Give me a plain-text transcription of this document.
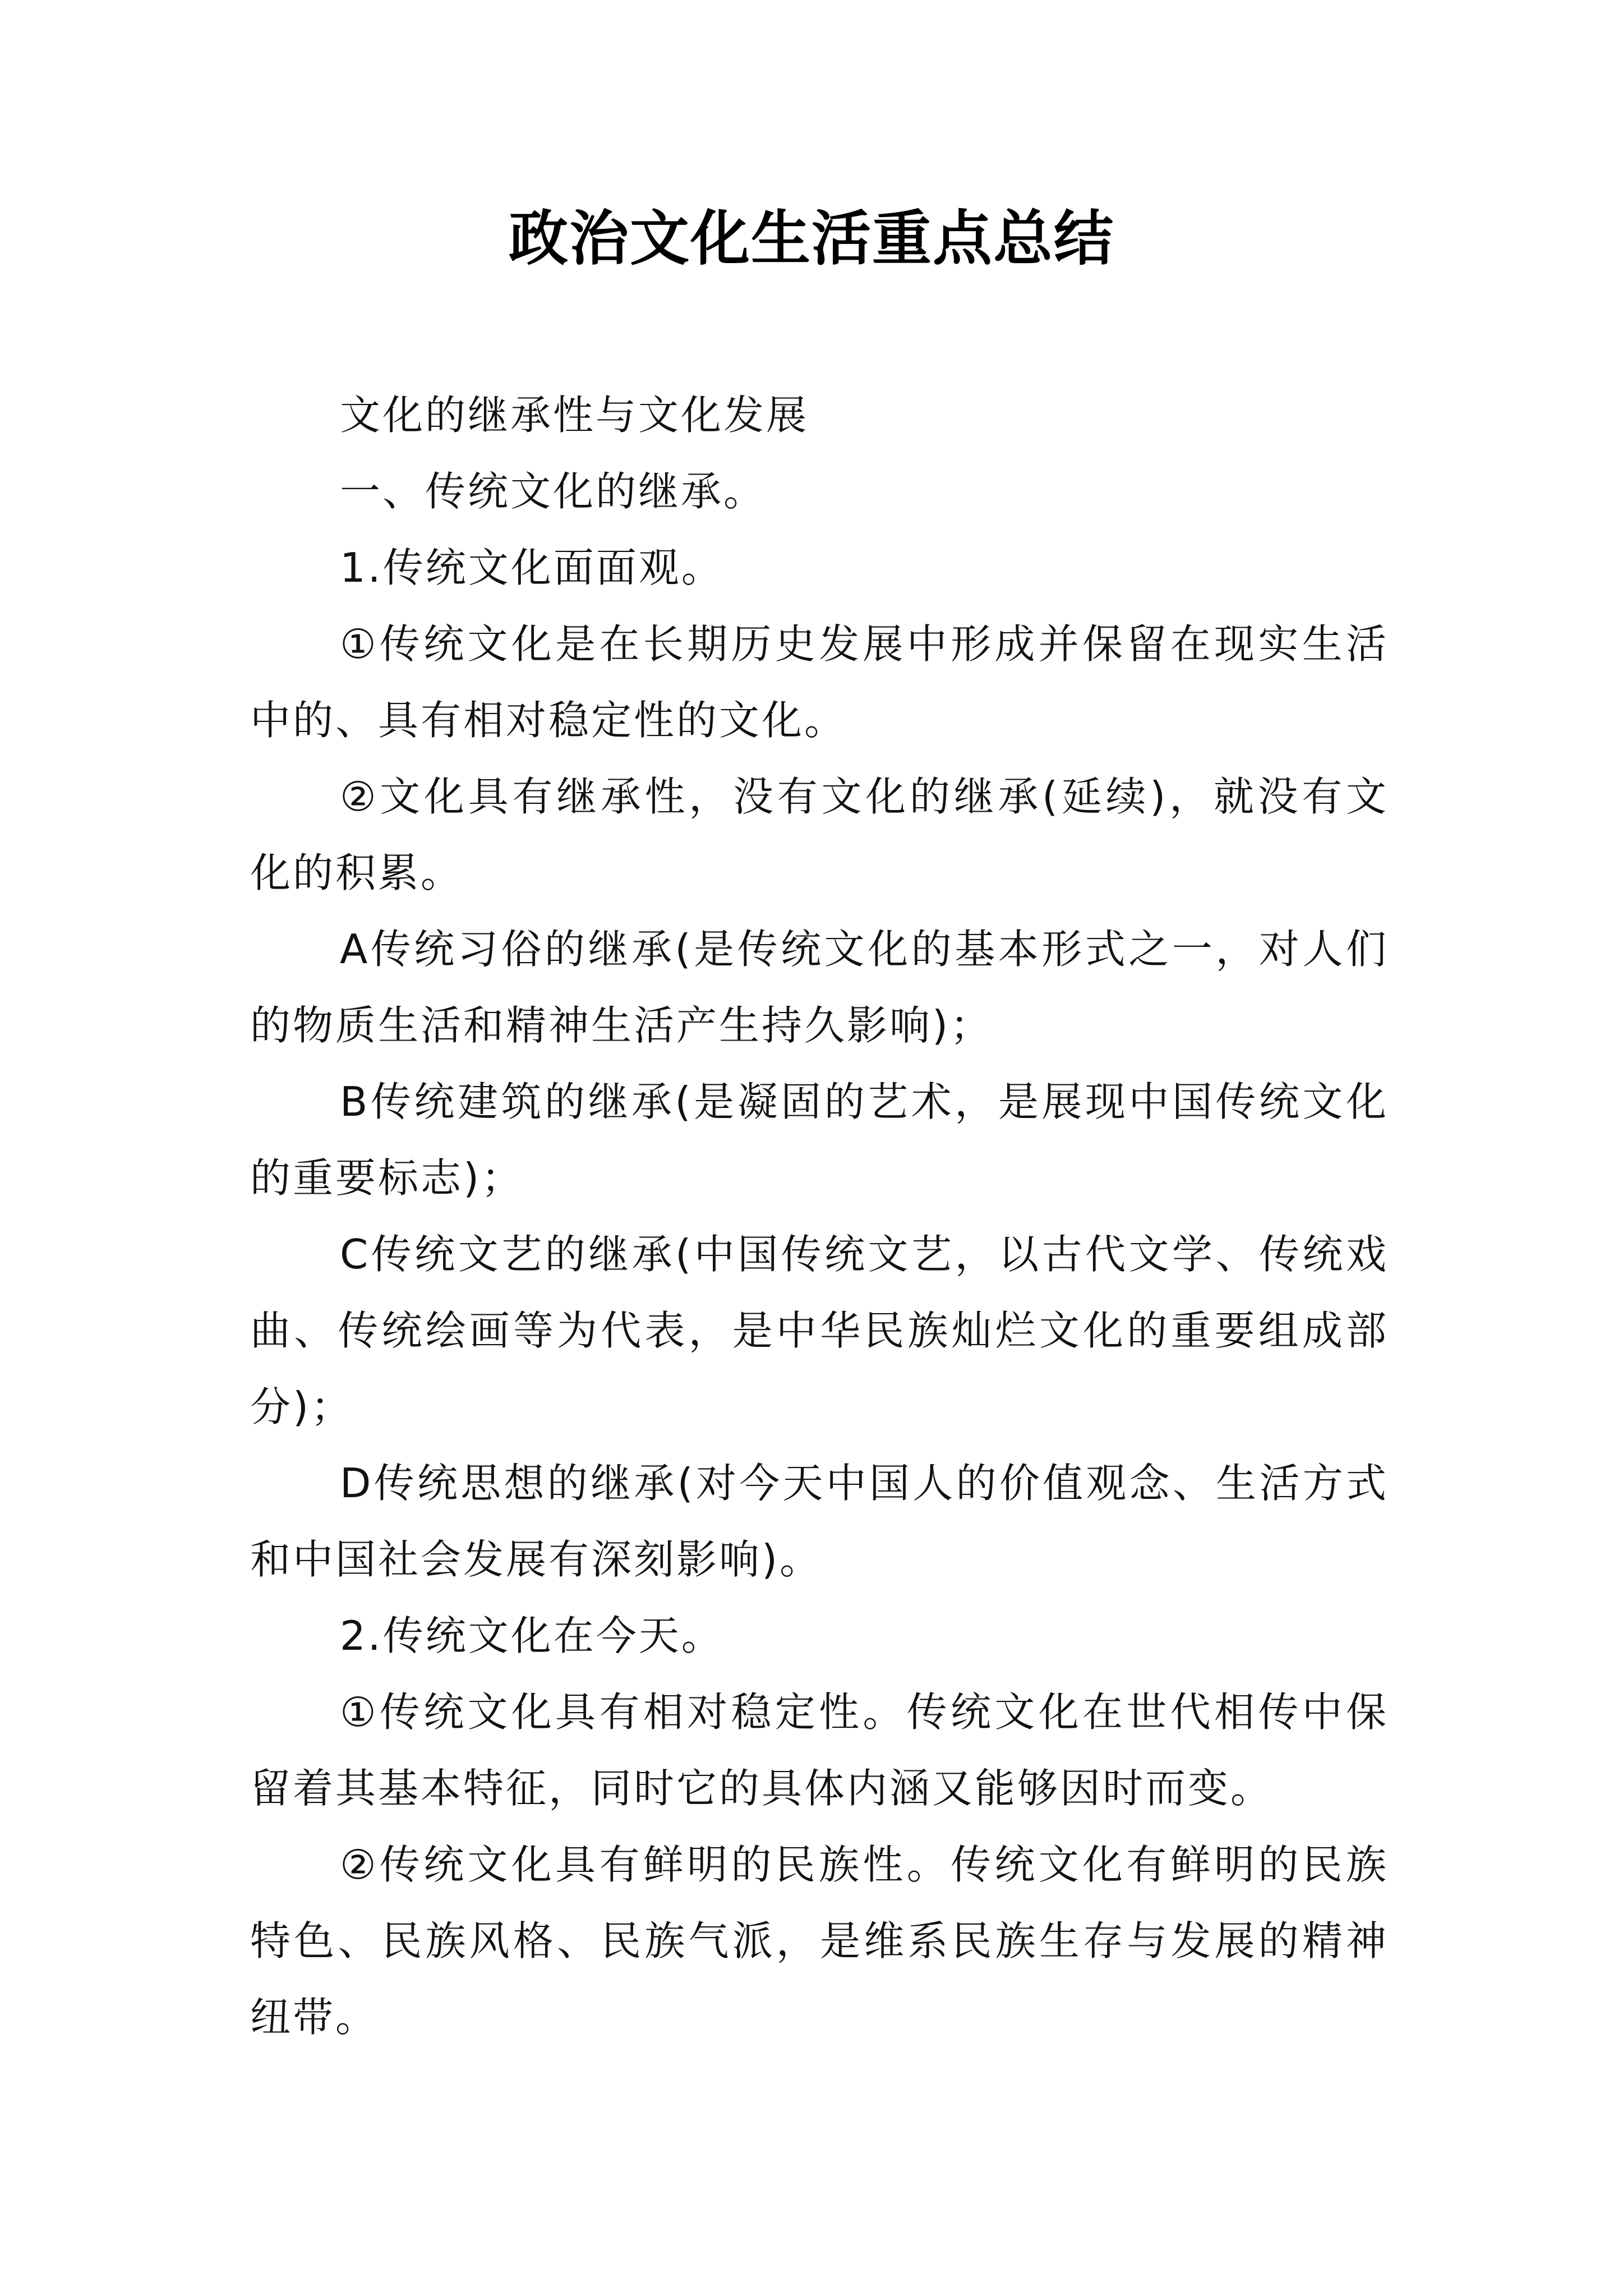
政治文化生活重点总结

文化的继承性与文化发展

一、传统文化的继承。

1.传统文化面面观。

①传统文化是在长期历史发展中形成并保留在现实生活中的、具有相对稳定性的文化。

②文化具有继承性，没有文化的继承(延续)，就没有文化的积累。

A传统习俗的继承(是传统文化的基本形式之一，对人们的物质生活和精神生活产生持久影响)；

B传统建筑的继承(是凝固的艺术，是展现中国传统文化的重要标志)；

C传统文艺的继承(中国传统文艺，以古代文学、传统戏曲、传统绘画等为代表，是中华民族灿烂文化的重要组成部分)；

D传统思想的继承(对今天中国人的价值观念、生活方式和中国社会发展有深刻影响)。

2.传统文化在今天。

①传统文化具有相对稳定性。传统文化在世代相传中保留着其基本特征，同时它的具体内涵又能够因时而变。

②传统文化具有鲜明的民族性。传统文化有鲜明的民族特色、民族风格、民族气派，是维系民族生存与发展的精神纽带。
